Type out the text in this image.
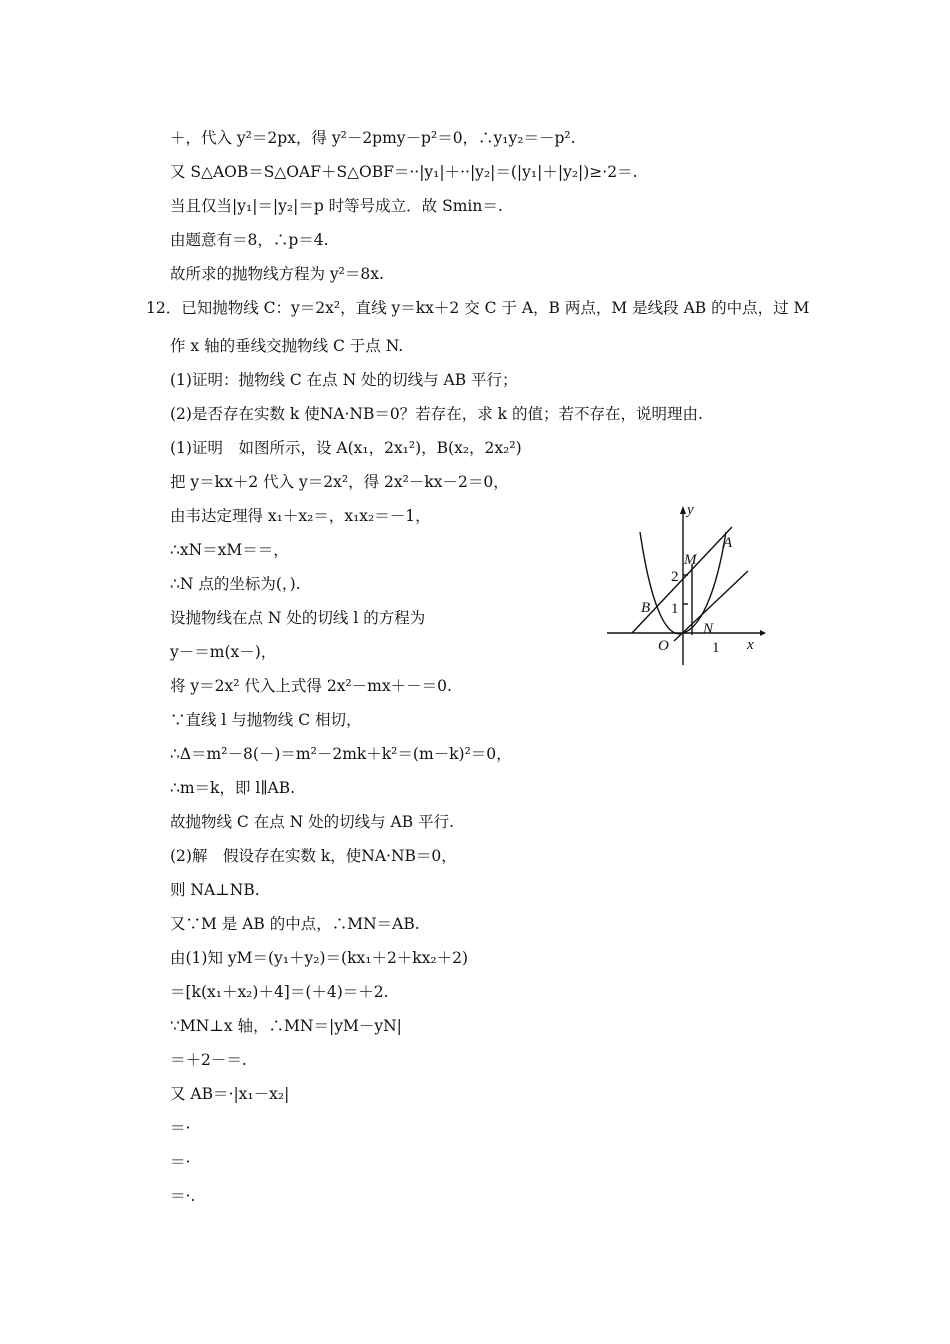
＋，代入 y²＝2px，得 y²－2pmy－p²＝0，∴y₁y₂＝－p².
又 S△AOB＝S△OAF＋S△OBF＝··|y₁|＋··|y₂|＝(|y₁|＋|y₂|)≥·2＝.
当且仅当|y₁|＝|y₂|＝p 时等号成立．故 Smin＝.
由题意有＝8，∴p＝4.
故所求的抛物线方程为 y²＝8x.
12．已知抛物线 C：y＝2x²，直线 y＝kx＋2 交 C 于 A，B 两点，M 是线段 AB 的中点，过 M
作 x 轴的垂线交抛物线 C 于点 N.
(1)证明：抛物线 C 在点 N 处的切线与 AB 平行；
(2)是否存在实数 k 使NA·NB＝0？若存在，求 k 的值；若不存在，说明理由.
(1)证明　如图所示，设 A(x₁，2x₁²)，B(x₂，2x₂²)
把 y＝kx＋2 代入 y＝2x²，得 2x²－kx－2＝0，
由韦达定理得 x₁＋x₂＝，x₁x₂＝－1，
∴xN＝xM＝＝，
∴N 点的坐标为(，).
设抛物线在点 N 处的切线 l 的方程为
y－＝m(x－)，
将 y＝2x² 代入上式得 2x²－mx＋－＝0.
∵直线 l 与抛物线 C 相切，
∴Δ＝m²－8(－)＝m²－2mk＋k²＝(m－k)²＝0，
∴m＝k，即 l∥AB.
故抛物线 C 在点 N 处的切线与 AB 平行.
(2)解　假设存在实数 k，使NA·NB＝0，
则 NA⊥NB.
又∵M 是 AB 的中点，∴MN＝AB.
由(1)知 yM＝(y₁＋y₂)＝(kx₁＋2＋kx₂＋2)
＝[k(x₁＋x₂)＋4]＝(＋4)＝＋2.
∵MN⊥x 轴，∴MN＝|yM－yN|
＝＋2－＝.
又 AB＝·|x₁－x₂|
＝·
＝·
＝·.
y
x
O	1
1
2
A
B
M
N
